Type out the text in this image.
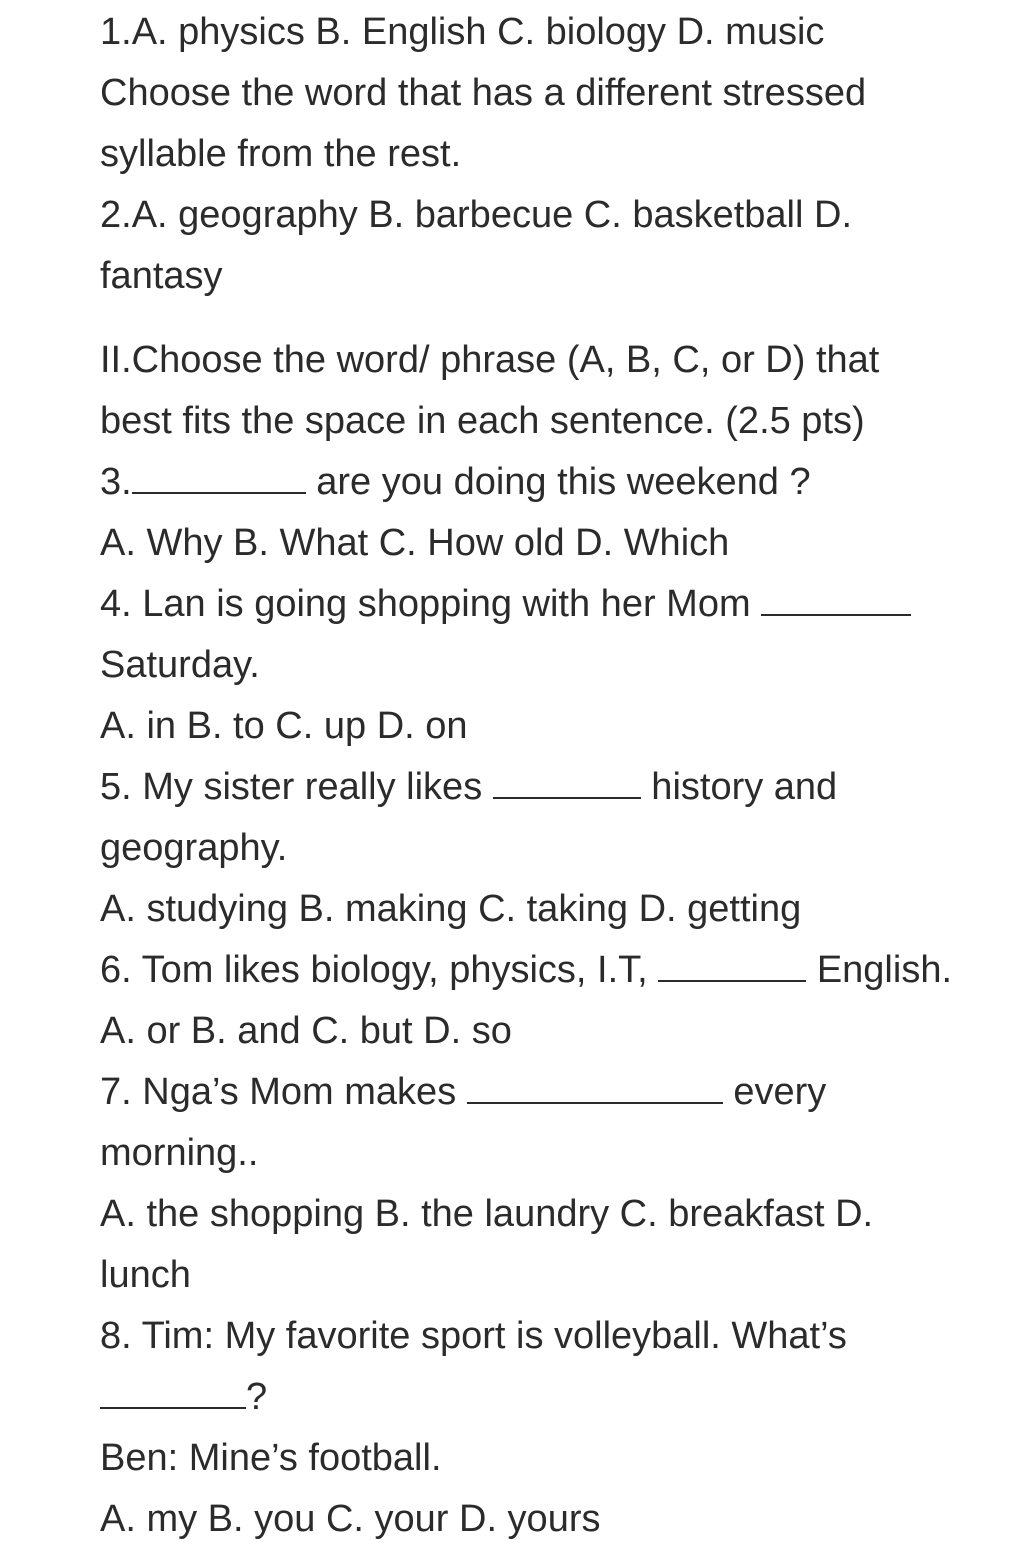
1.A. physics B. English C. biology D. music
Choose the word that has a different stressed
syllable from the rest.
2.A. geography B. barbecue C. basketball D.
fantasy
II.Choose the word/ phrase (A, B, C, or D) that
best fits the space in each sentence. (2.5 pts)
3.	are you doing this weekend ?
A. Why B. What C. How old D. Which
4. Lan is going shopping with her Mom
Saturday.
A. in B. to C. up D. on
5. My sister really likes	history and
geography.
A. studying B. making C. taking D. getting
6. Tom likes biology, physics, I.T,	English.
A. or B. and C. but D. so
7. Nga’s Mom makes	every
morning..
A. the shopping B. the laundry C. breakfast D.
lunch
8. Tim: My favorite sport is volleyball. What’s
?
Ben: Mine’s football.
A. my B. you C. your D. yours
